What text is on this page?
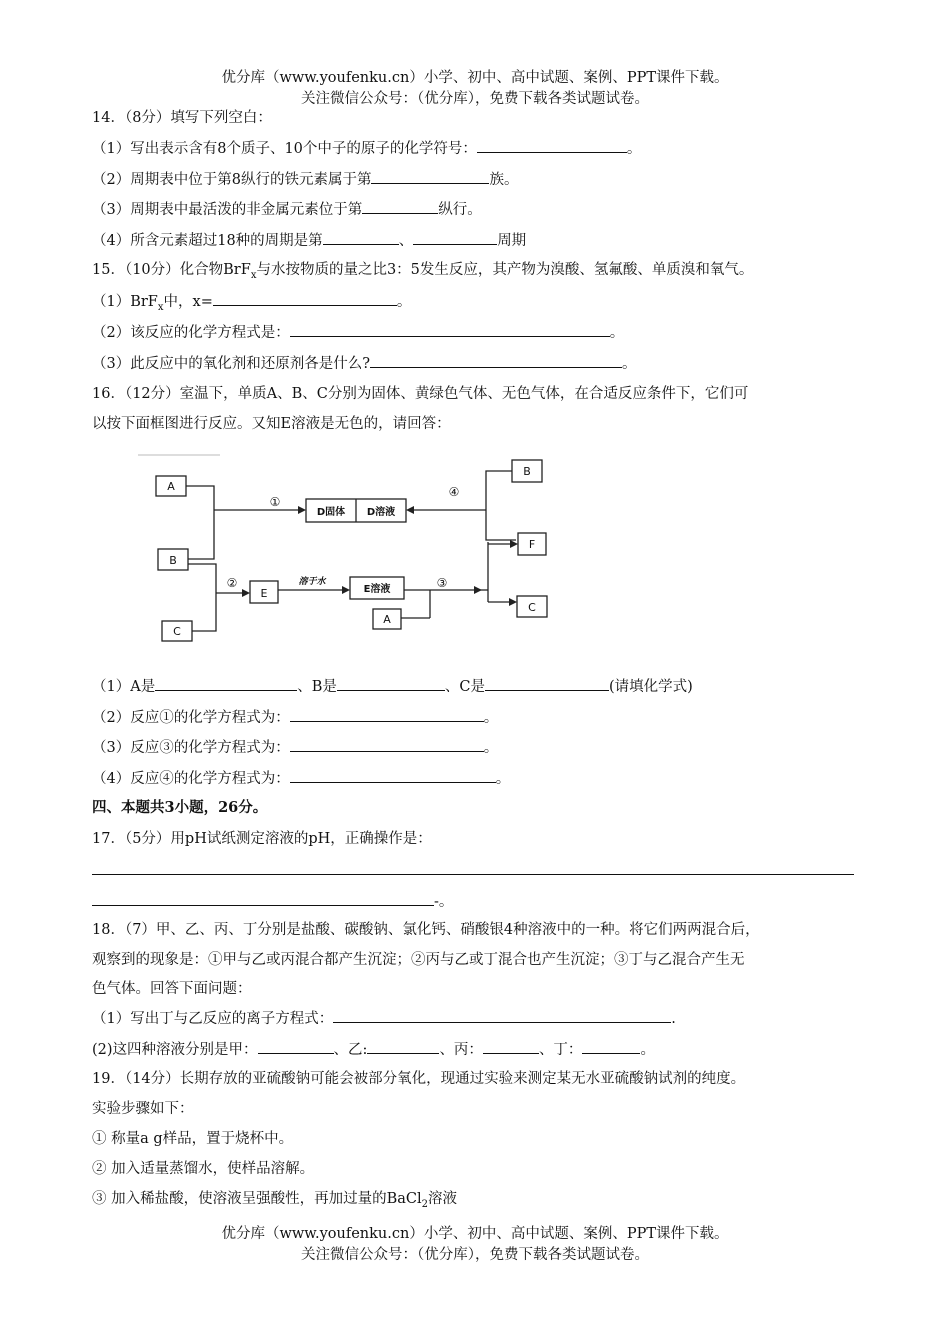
优分库（www.youfenku.cn）小学、初中、高中试题、案例、PPT课件下载。
关注微信公众号：（优分库），免费下载各类试题试卷。
14．（8分）填写下列空白：
（1）写出表示含有8个质子、10个中子的原子的化学符号：	。
（2）周期表中位于第8纵行的铁元素属于第	族。
（3）周期表中最活泼的非金属元素位于第	纵行。
（4）所含元素超过18种的周期是第	、	周期
15．（10分）化合物BrF$_x$与水按物质的量之比3：5发生反应，其产物为溴酸、氢氟酸、单质溴和氧气。
（1）BrF$_x$中，x=	。
（2）该反应的化学方程式是：	。
（3）此反应中的氧化剂和还原剂各是什么?	。
16．（12分）室温下，单质A、B、C分别为固体、黄绿色气体、无色气体，在合适反应条件下，它们可
以按下面框图进行反应。又知E溶液是无色的，请回答：
A
B
C
D固体 D溶液
E	E溶液
A
B
F
C
①
②	③
④
溶于水
（1）A是	、B是	、C是	(请填化学式)
（2）反应①的化学方程式为：	。
（3）反应③的化学方程式为：	。
（4）反应④的化学方程式为：	。
四、本题共3小题，26分。
17．（5分）用pH试纸测定溶液的pH，正确操作是：
-。
18．（7）甲、乙、丙、丁分别是盐酸、碳酸钠、氯化钙、硝酸银4种溶液中的一种。将它们两两混合后，
观察到的现象是：①甲与乙或丙混合都产生沉淀；②丙与乙或丁混合也产生沉淀；③丁与乙混合产生无
色气体。回答下面问题：
（1）写出丁与乙反应的离子方程式：	.
(2)这四种溶液分别是甲：	、乙:	、丙：	、丁：	。
19．（14分）长期存放的亚硫酸钠可能会被部分氧化，现通过实验来测定某无水亚硫酸钠试剂的纯度。
实验步骤如下：
① 称量a g样品，置于烧杯中。
② 加入适量蒸馏水，使样品溶解。
③ 加入稀盐酸，使溶液呈强酸性，再加过量的BaCl$_2$溶液
优分库（www.youfenku.cn）小学、初中、高中试题、案例、PPT课件下载。
关注微信公众号：（优分库），免费下载各类试题试卷。
